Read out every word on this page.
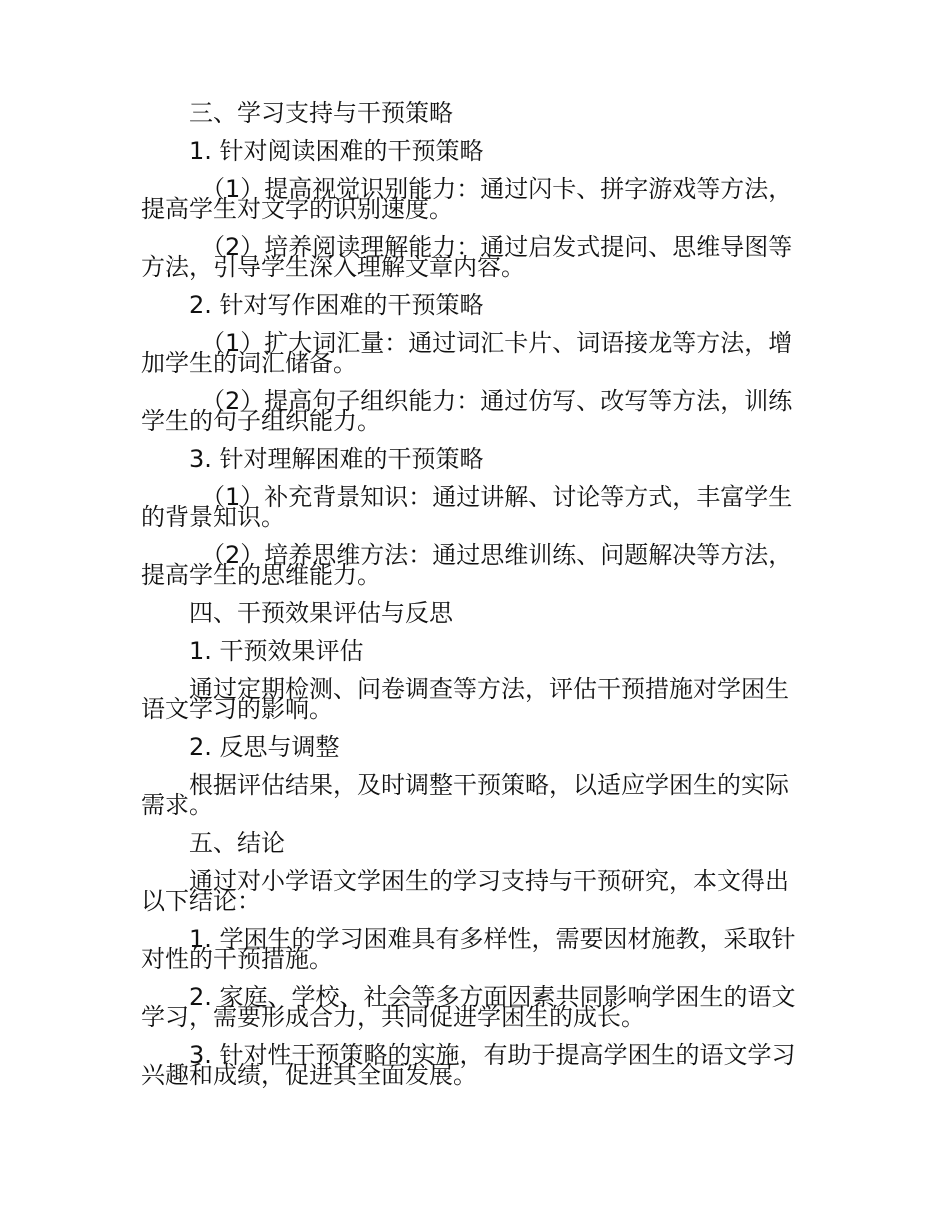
三、学习支持与干预策略

1. 针对阅读困难的干预策略

（1）提高视觉识别能力：通过闪卡、拼字游戏等方法，提高学生对文字的识别速度。

（2）培养阅读理解能力：通过启发式提问、思维导图等方法，引导学生深入理解文章内容。

2. 针对写作困难的干预策略

（1）扩大词汇量：通过词汇卡片、词语接龙等方法，增加学生的词汇储备。

（2）提高句子组织能力：通过仿写、改写等方法，训练学生的句子组织能力。

3. 针对理解困难的干预策略

（1）补充背景知识：通过讲解、讨论等方式，丰富学生的背景知识。

（2）培养思维方法：通过思维训练、问题解决等方法，提高学生的思维能力。

四、干预效果评估与反思

1. 干预效果评估

通过定期检测、问卷调查等方法，评估干预措施对学困生语文学习的影响。

2. 反思与调整

根据评估结果，及时调整干预策略，以适应学困生的实际需求。

五、结论

通过对小学语文学困生的学习支持与干预研究，本文得出以下结论：

1. 学困生的学习困难具有多样性，需要因材施教，采取针对性的干预措施。

2. 家庭、学校、社会等多方面因素共同影响学困生的语文学习，需要形成合力，共同促进学困生的成长。

3. 针对性干预策略的实施，有助于提高学困生的语文学习兴趣和成绩，促进其全面发展。
